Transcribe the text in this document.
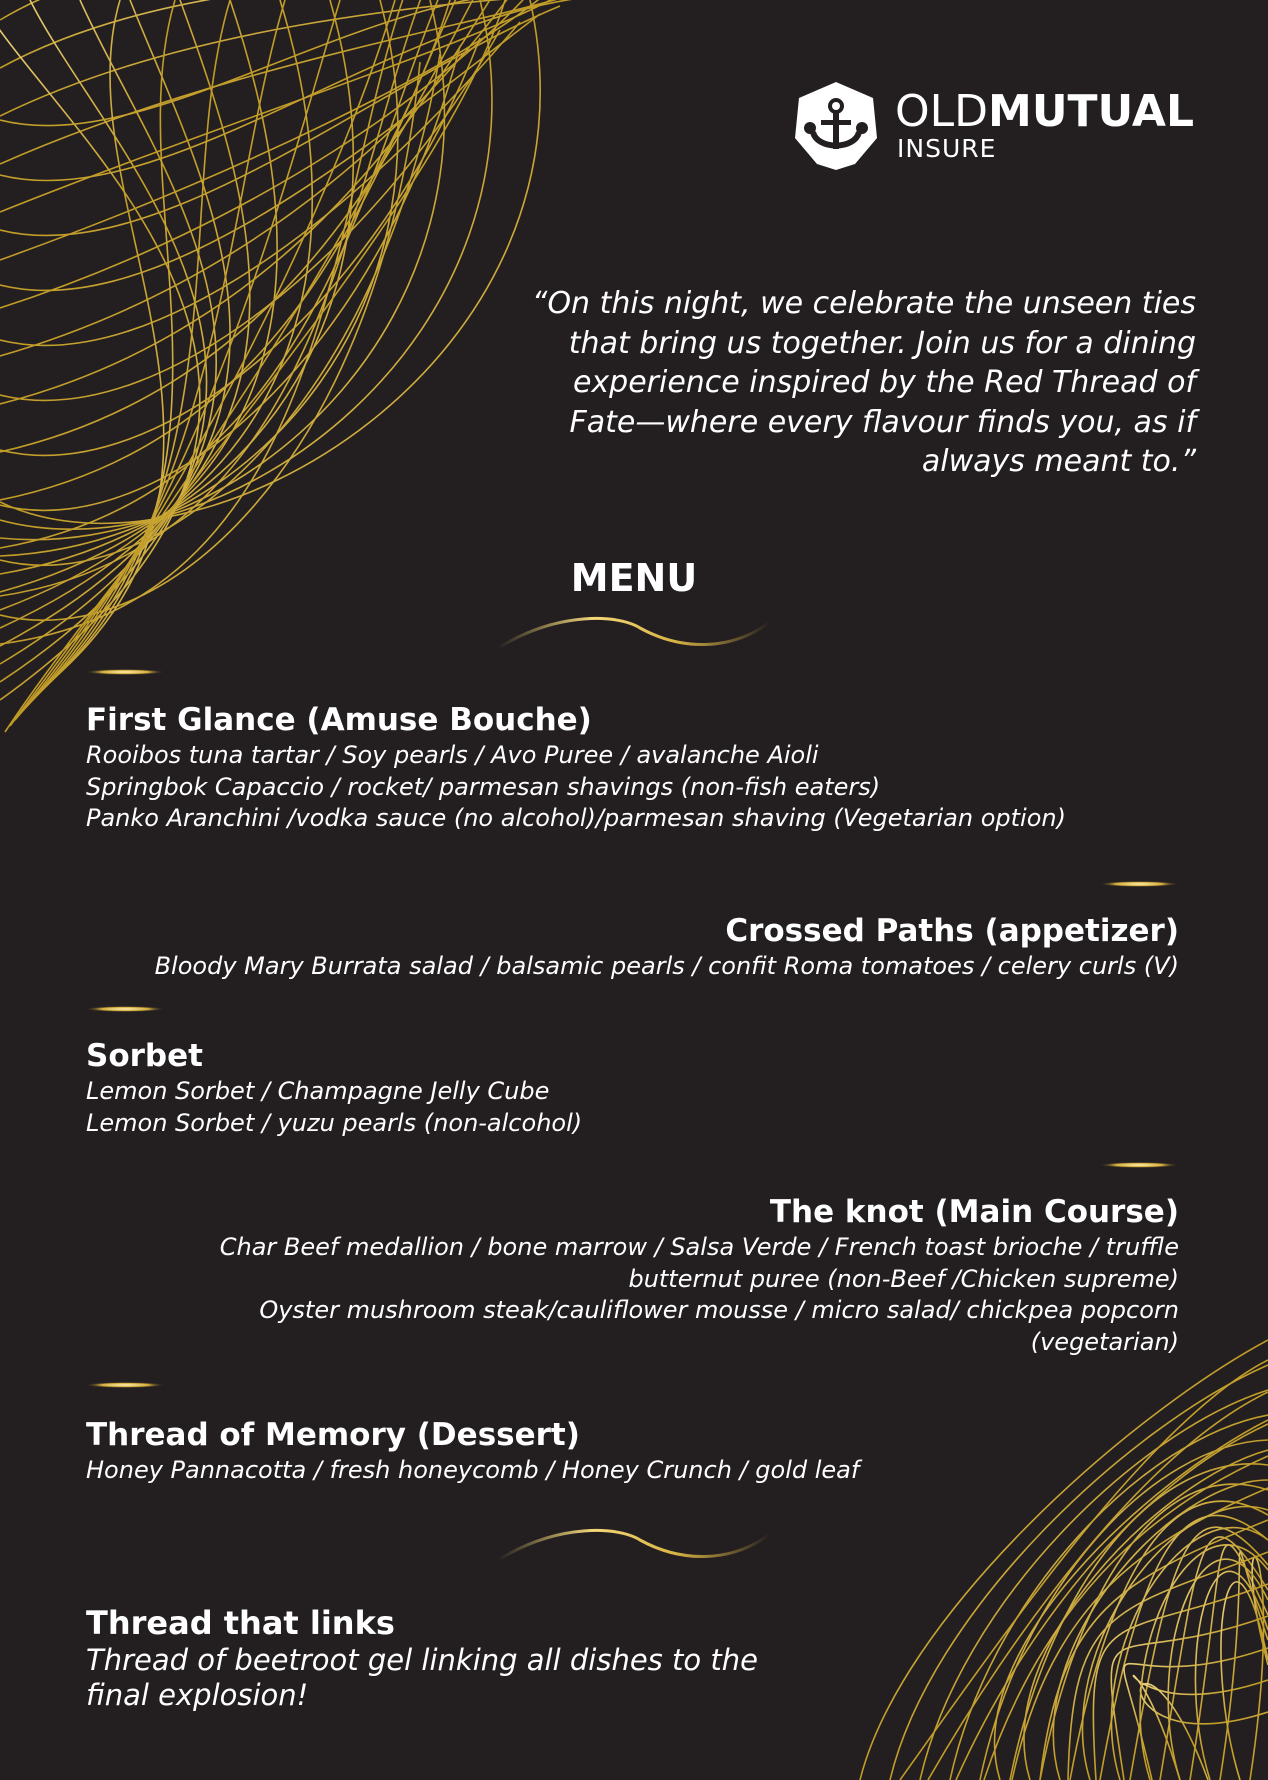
OLDMUTUAL
INSURE
“On this night, we celebrate the unseen ties
that bring us together. Join us for a dining
experience inspired by the Red Thread of
Fate—where every flavour finds you, as if
always meant to.”
MENU
First Glance (Amuse Bouche)
Rooibos tuna tartar / Soy pearls / Avo Puree / avalanche Aioli
Springbok Capaccio / rocket/ parmesan shavings (non-fish eaters)
Panko Aranchini /vodka sauce (no alcohol)/parmesan shaving (Vegetarian option)
Crossed Paths (appetizer)
Bloody Mary Burrata salad / balsamic pearls / confit Roma tomatoes / celery curls (V)
Sorbet
Lemon Sorbet / Champagne Jelly Cube
Lemon Sorbet / yuzu pearls (non-alcohol)
The knot (Main Course)
Char Beef medallion / bone marrow / Salsa Verde / French toast brioche / truffle
butternut puree (non-Beef /Chicken supreme)
Oyster mushroom steak/cauliflower mousse / micro salad/ chickpea popcorn
(vegetarian)
Thread of Memory (Dessert)
Honey Pannacotta / fresh honeycomb / Honey Crunch / gold leaf
Thread that links
Thread of beetroot gel linking all dishes to the final explosion!
